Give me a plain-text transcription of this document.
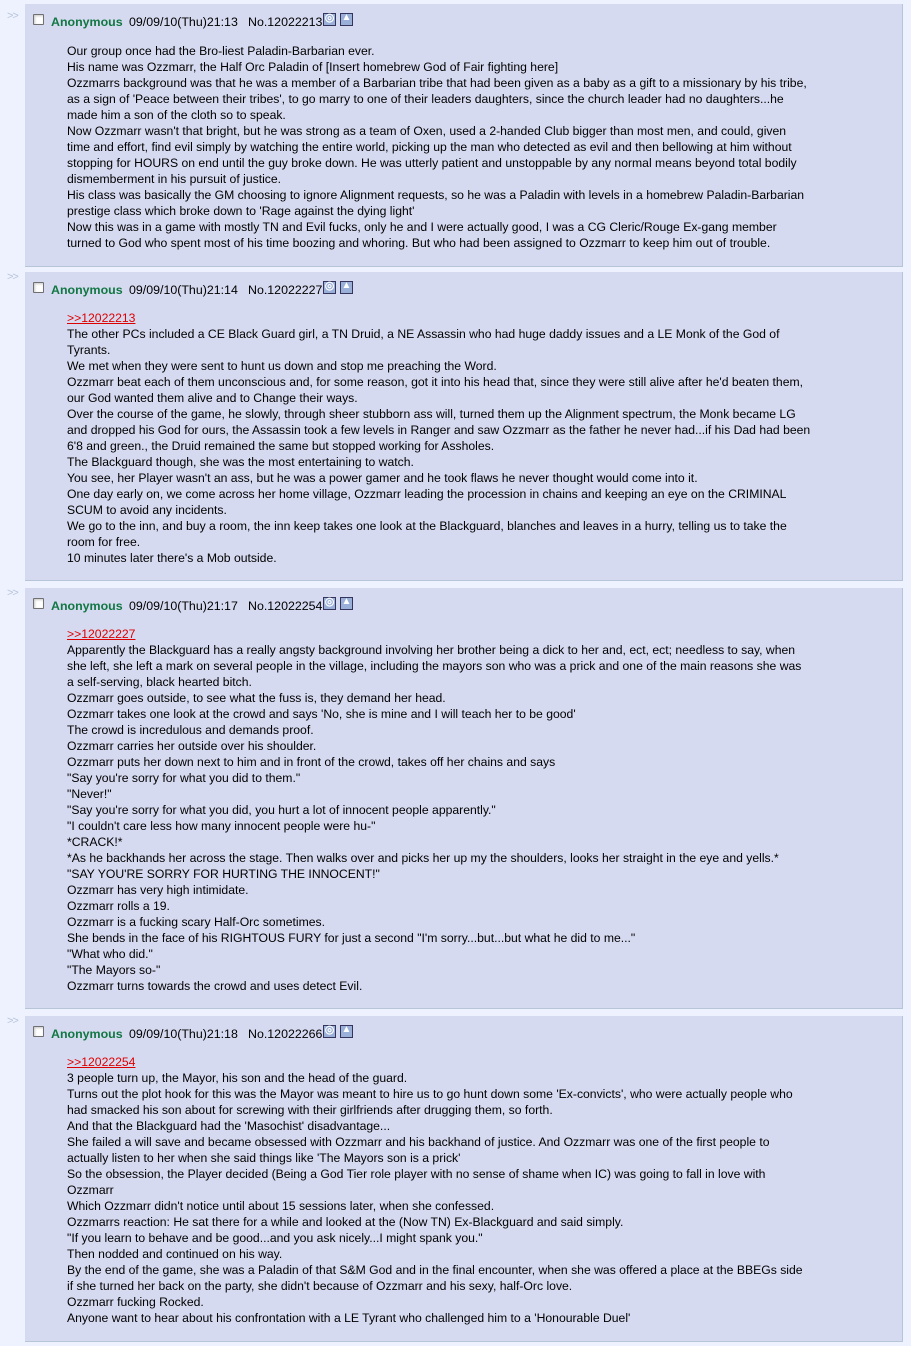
>>	Anonymous 09/09/10(Thu)21:13 No.12022213 ◎ ▲
Our group once had the Bro-liest Paladin-Barbarian ever.
His name was Ozzmarr, the Half Orc Paladin of [Insert homebrew God of Fair fighting here]
Ozzmarrs background was that he was a member of a Barbarian tribe that had been given as a baby as a gift to a missionary by his tribe,
as a sign of 'Peace between their tribes', to go marry to one of their leaders daughters, since the church leader had no daughters...he
made him a son of the cloth so to speak.
Now Ozzmarr wasn't that bright, but he was strong as a team of Oxen, used a 2-handed Club bigger than most men, and could, given
time and effort, find evil simply by watching the entire world, picking up the man who detected as evil and then bellowing at him without
stopping for HOURS on end until the guy broke down. He was utterly patient and unstoppable by any normal means beyond total bodily
dismemberment in his pursuit of justice.
His class was basically the GM choosing to ignore Alignment requests, so he was a Paladin with levels in a homebrew Paladin-Barbarian
prestige class which broke down to 'Rage against the dying light'
Now this was in a game with mostly TN and Evil fucks, only he and I were actually good, I was a CG Cleric/Rouge Ex-gang member
turned to God who spent most of his time boozing and whoring. But who had been assigned to Ozzmarr to keep him out of trouble.
>>
Anonymous 09/09/10(Thu)21:14 No.12022227 ◎ ▲
>>12022213
The other PCs included a CE Black Guard girl, a TN Druid, a NE Assassin who had huge daddy issues and a LE Monk of the God of
Tyrants.
We met when they were sent to hunt us down and stop me preaching the Word.
Ozzmarr beat each of them unconscious and, for some reason, got it into his head that, since they were still alive after he'd beaten them,
our God wanted them alive and to Change their ways.
Over the course of the game, he slowly, through sheer stubborn ass will, turned them up the Alignment spectrum, the Monk became LG
and dropped his God for ours, the Assassin took a few levels in Ranger and saw Ozzmarr as the father he never had...if his Dad had been
6'8 and green., the Druid remained the same but stopped working for Assholes.
The Blackguard though, she was the most entertaining to watch.
You see, her Player wasn't an ass, but he was a power gamer and he took flaws he never thought would come into it.
One day early on, we come across her home village, Ozzmarr leading the procession in chains and keeping an eye on the CRIMINAL
SCUM to avoid any incidents.
We go to the inn, and buy a room, the inn keep takes one look at the Blackguard, blanches and leaves in a hurry, telling us to take the
room for free.
10 minutes later there's a Mob outside.
>>
Anonymous 09/09/10(Thu)21:17 No.12022254 ◎ ▲
>>12022227
Apparently the Blackguard has a really angsty background involving her brother being a dick to her and, ect, ect; needless to say, when
she left, she left a mark on several people in the village, including the mayors son who was a prick and one of the main reasons she was
a self-serving, black hearted bitch.
Ozzmarr goes outside, to see what the fuss is, they demand her head.
Ozzmarr takes one look at the crowd and says 'No, she is mine and I will teach her to be good'
The crowd is incredulous and demands proof.
Ozzmarr carries her outside over his shoulder.
Ozzmarr puts her down next to him and in front of the crowd, takes off her chains and says
"Say you're sorry for what you did to them."
"Never!"
"Say you're sorry for what you did, you hurt a lot of innocent people apparently."
"I couldn't care less how many innocent people were hu-"
*CRACK!*
*As he backhands her across the stage. Then walks over and picks her up my the shoulders, looks her straight in the eye and yells.*
"SAY YOU'RE SORRY FOR HURTING THE INNOCENT!"
Ozzmarr has very high intimidate.
Ozzmarr rolls a 19.
Ozzmarr is a fucking scary Half-Orc sometimes.
She bends in the face of his RIGHTOUS FURY for just a second "I'm sorry...but...but what he did to me..."
"What who did."
"The Mayors so-"
Ozzmarr turns towards the crowd and uses detect Evil.
>>
Anonymous 09/09/10(Thu)21:18 No.12022266 ◎ ▲
>>12022254
3 people turn up, the Mayor, his son and the head of the guard.
Turns out the plot hook for this was the Mayor was meant to hire us to go hunt down some 'Ex-convicts', who were actually people who
had smacked his son about for screwing with their girlfriends after drugging them, so forth.
And that the Blackguard had the 'Masochist' disadvantage...
She failed a will save and became obsessed with Ozzmarr and his backhand of justice. And Ozzmarr was one of the first people to
actually listen to her when she said things like 'The Mayors son is a prick'
So the obsession, the Player decided (Being a God Tier role player with no sense of shame when IC) was going to fall in love with
Ozzmarr
Which Ozzmarr didn't notice until about 15 sessions later, when she confessed.
Ozzmarrs reaction: He sat there for a while and looked at the (Now TN) Ex-Blackguard and said simply.
"If you learn to behave and be good...and you ask nicely...I might spank you."
Then nodded and continued on his way.
By the end of the game, she was a Paladin of that S&M God and in the final encounter, when she was offered a place at the BBEGs side
if she turned her back on the party, she didn't because of Ozzmarr and his sexy, half-Orc love.
Ozzmarr fucking Rocked.
Anyone want to hear about his confrontation with a LE Tyrant who challenged him to a 'Honourable Duel'
